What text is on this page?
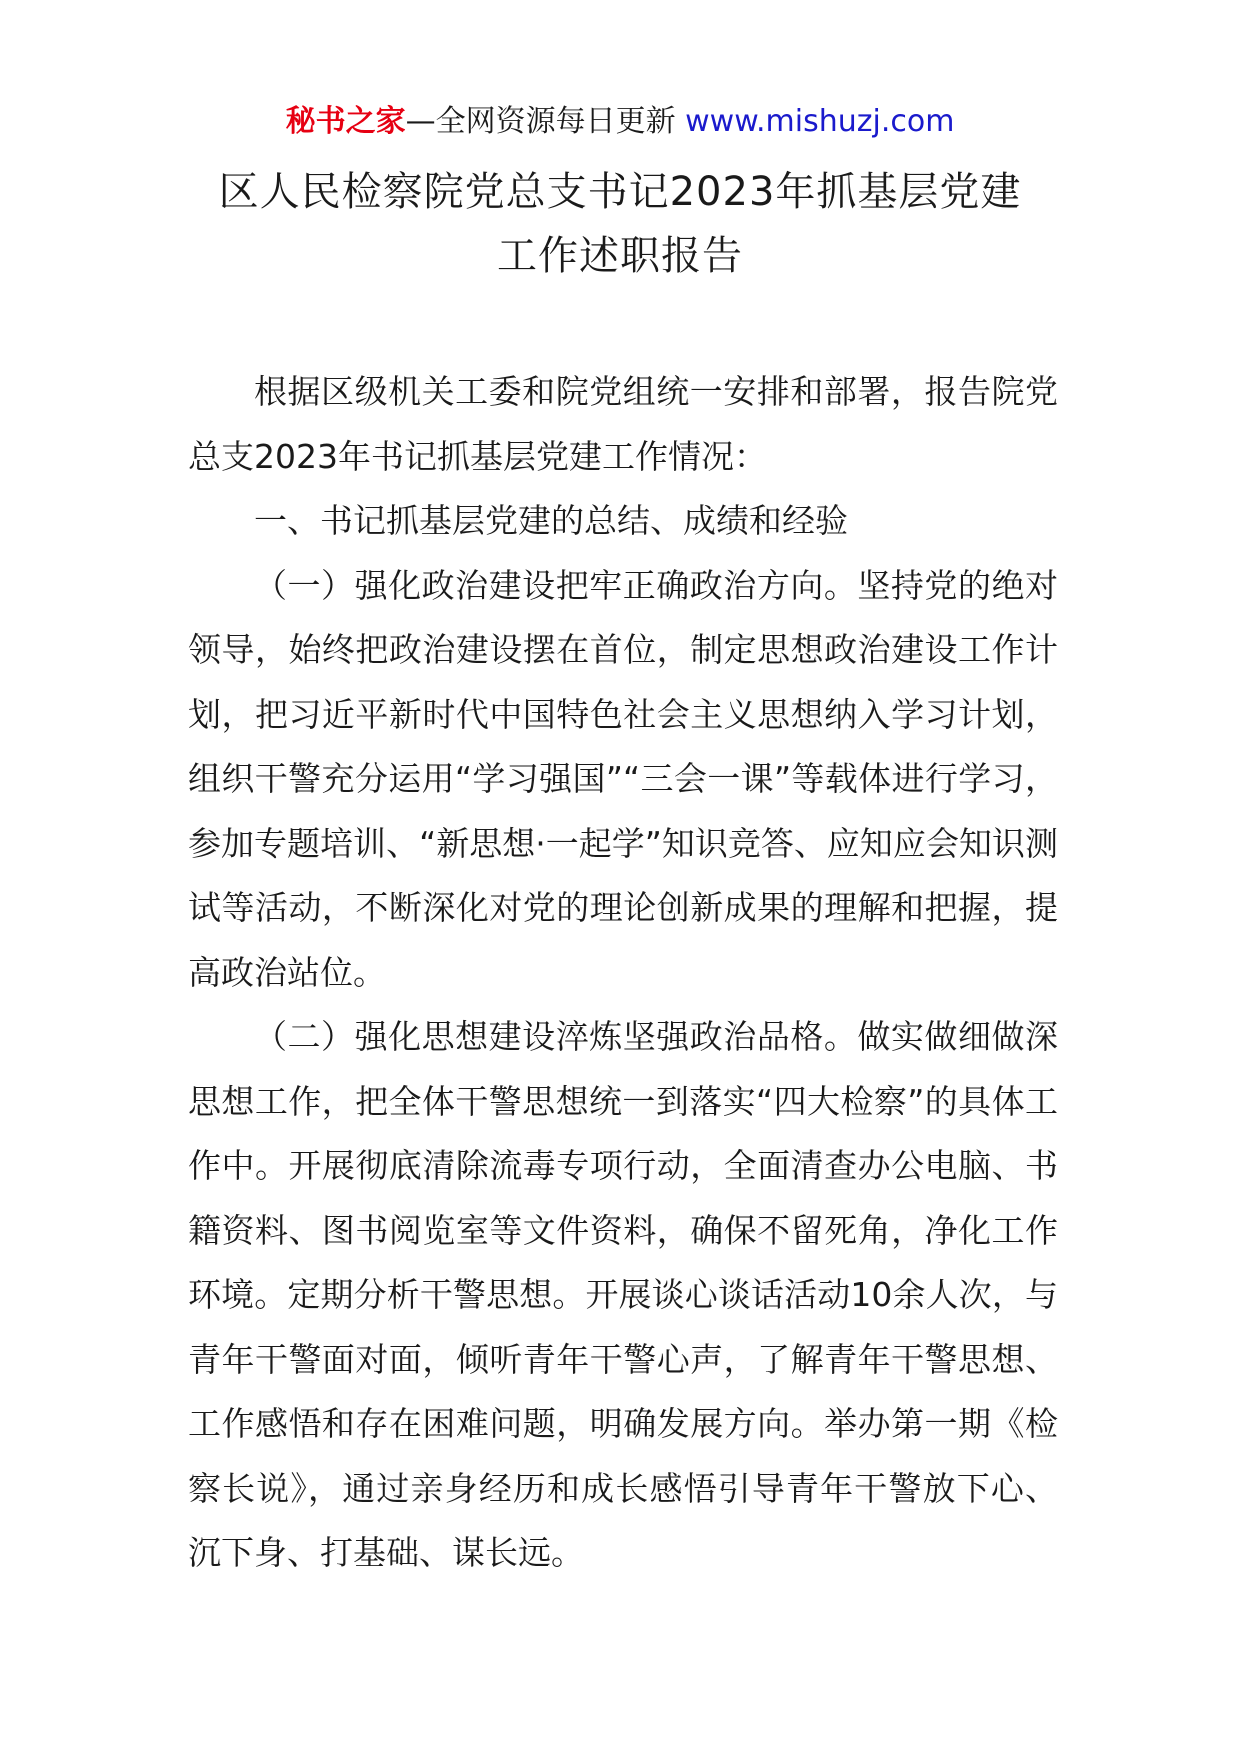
秘书之家—全网资源每日更新 www.mishuzj.com
区人民检察院党总支书记2023年抓基层党建
工作述职报告

根据区级机关工委和院党组统一安排和部署，报告院党总支2023年书记抓基层党建工作情况：

一、书记抓基层党建的总结、成绩和经验

（一）强化政治建设把牢正确政治方向。坚持党的绝对领导，始终把政治建设摆在首位，制定思想政治建设工作计划，把习近平新时代中国特色社会主义思想纳入学习计划，组织干警充分运用“学习强国”“三会一课”等载体进行学习，参加专题培训、“新思想·一起学”知识竞答、应知应会知识测试等活动，不断深化对党的理论创新成果的理解和把握，提高政治站位。

（二）强化思想建设淬炼坚强政治品格。做实做细做深思想工作，把全体干警思想统一到落实“四大检察”的具体工作中。开展彻底清除流毒专项行动，全面清查办公电脑、书籍资料、图书阅览室等文件资料，确保不留死角，净化工作环境。定期分析干警思想。开展谈心谈话活动10余人次，与青年干警面对面，倾听青年干警心声，了解青年干警思想、工作感悟和存在困难问题，明确发展方向。举办第一期《检察长说》，通过亲身经历和成长感悟引导青年干警放下心、沉下身、打基础、谋长远。
